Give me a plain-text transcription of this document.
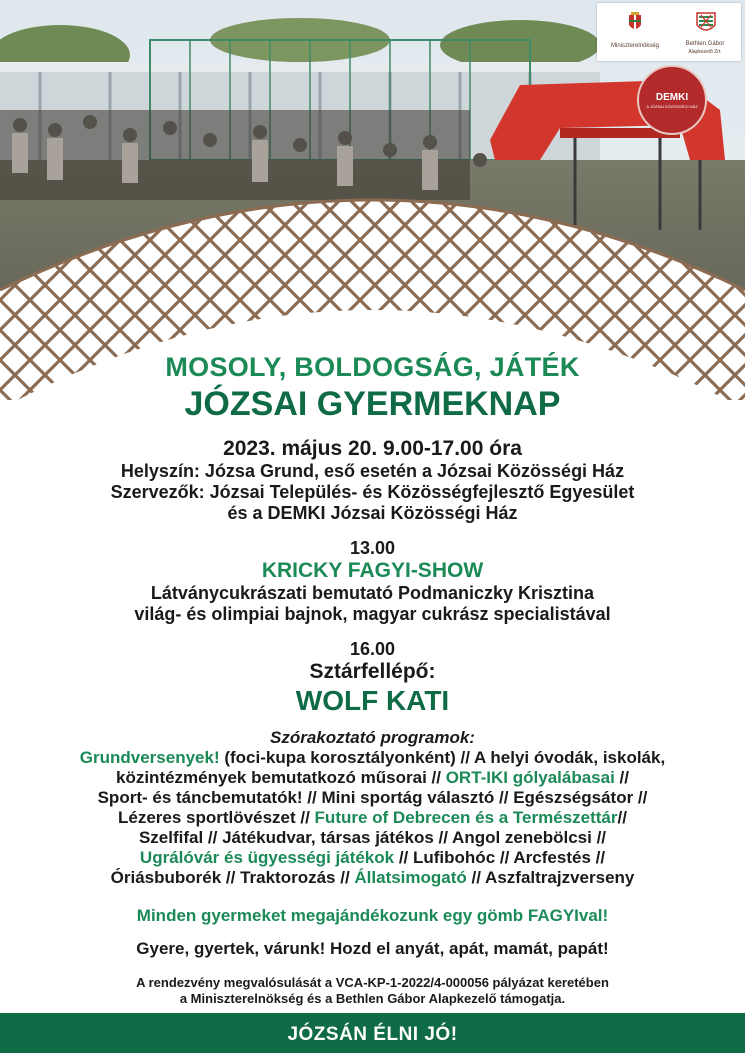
Miniszterelnökség	Bethlen Gábor
Alapkezelő Zrt.
DEMKI
A JÓZSAI KÖZÖSSÉGI HÁZ
MOSOLY, BOLDOGSÁG, JÁTÉK
JÓZSAI GYERMEKNAP
2023. május 20. 9.00-17.00 óra
Helyszín: Józsa Grund, eső esetén a Józsai Közösségi Ház
Szervezők: Józsai Település- és Közösségfejlesztő Egyesület
és a DEMKI Józsai Közösségi Ház
13.00
KRICKY FAGYI-SHOW
Látványcukrászati bemutató Podmaniczky Krisztina
világ- és olimpiai bajnok, magyar cukrász specialistával
16.00
Sztárfellépő:
WOLF KATI
Szórakoztató programok:
Grundversenyek! (foci-kupa korosztályonként) // A helyi óvodák, iskolák,
közintézmények bemutatkozó műsorai // ORT-IKI gólyalábasai //
Sport- és táncbemutatók! // Mini sportág választó // Egészségsátor //
Lézeres sportlövészet // Future of Debrecen és a Természettár//
Szelfifal // Játékudvar, társas játékos // Angol zenebölcsi //
Ugrálóvár és ügyességi játékok // Lufibohóc // Arcfestés //
Óriásbuborék // Traktorozás // Állatsimogató // Aszfaltrajzverseny
Minden gyermeket megajándékozunk egy gömb FAGYIval!
Gyere, gyertek, várunk! Hozd el anyát, apát, mamát, papát!
A rendezvény megvalósulását a VCA-KP-1-2022/4-000056 pályázat keretében
a Miniszterelnökség és a Bethlen Gábor Alapkezelő támogatja.
JÓZSÁN ÉLNI JÓ!
